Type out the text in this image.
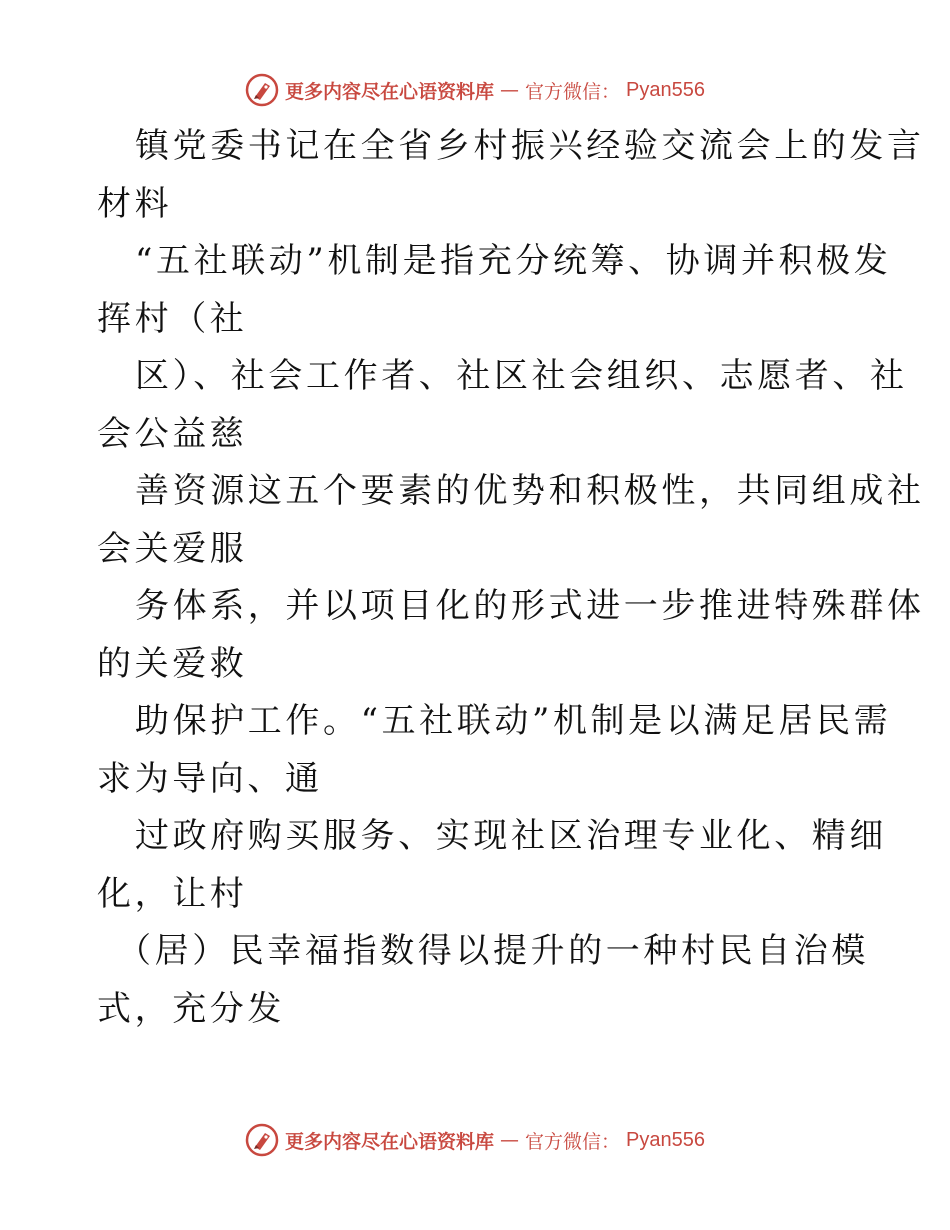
更多内容尽在心语资料库 — 官方微信： Pyan556
镇党委书记在全省乡村振兴经验交流会上的发言
材料
“五社联动”机制是指充分统筹、协调并积极发
挥村（社
区）、社会工作者、社区社会组织、志愿者、社
会公益慈
善资源这五个要素的优势和积极性，共同组成社
会关爱服
务体系，并以项目化的形式进一步推进特殊群体
的关爱救
助保护工作。“五社联动”机制是以满足居民需
求为导向、通
过政府购买服务、实现社区治理专业化、精细
化，让村
（居）民幸福指数得以提升的一种村民自治模
式，充分发
更多内容尽在心语资料库 — 官方微信： Pyan556
